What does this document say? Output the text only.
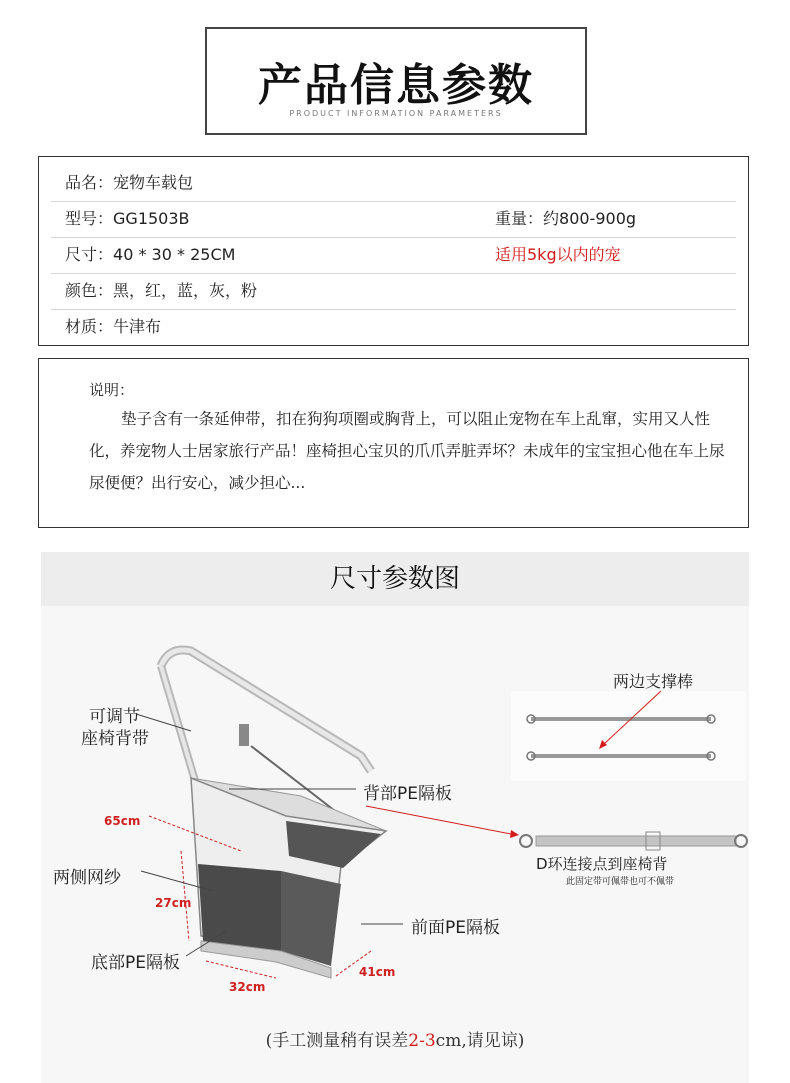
产品信息参数
PRODUCT INFORMATION PARAMETERS
品名：宠物车载包
型号：GG1503B	重量：约800-900g
尺寸：40 * 30 * 25CM	适用5kg以内的宠
颜色：黑，红，蓝，灰，粉
材质：牛津布
说明：
垫子含有一条延伸带，扣在狗狗项圈或胸背上，可以阻止宠物在车上乱窜，实用又人性化，养宠物人士居家旅行产品！座椅担心宝贝的爪爪弄脏弄坏？未成年的宝宝担心他在车上尿尿便便？出行安心，减少担心...
尺寸参数图
可调节
座椅背带
背部PE隔板
65cm
两侧网纱
27cm
前面PE隔板
底部PE隔板	41cm
32cm
两边支撑棒
D环连接点到座椅背
此固定带可佩带也可不佩带
(手工测量稍有误差2-3cm,请见谅)
